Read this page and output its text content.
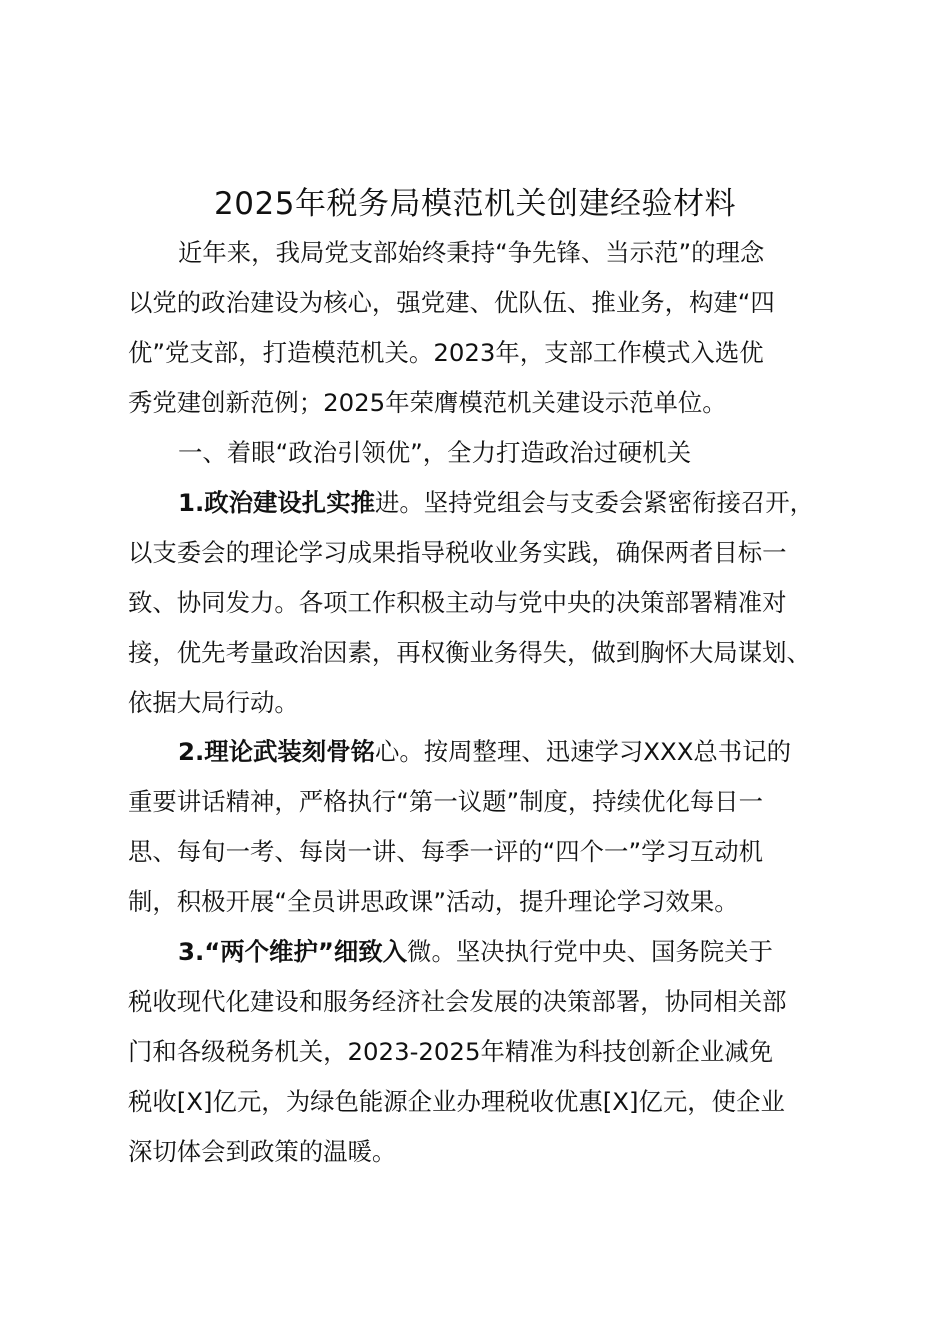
2025年税务局模范机关创建经验材料
近年来，我局党支部始终秉持“争先锋、当示范”的理念
以党的政治建设为核心，强党建、优队伍、推业务，构建“四
优”党支部，打造模范机关。2023年，支部工作模式入选优
秀党建创新范例；2025年荣膺模范机关建设示范单位。
一、着眼“政治引领优”，全力打造政治过硬机关
1.政治建设扎实推进。坚持党组会与支委会紧密衔接召开，
以支委会的理论学习成果指导税收业务实践，确保两者目标一
致、协同发力。各项工作积极主动与党中央的决策部署精准对
接，优先考量政治因素，再权衡业务得失，做到胸怀大局谋划、
依据大局行动。
2.理论武装刻骨铭心。按周整理、迅速学习XXX总书记的
重要讲话精神，严格执行“第一议题”制度，持续优化每日一
思、每旬一考、每岗一讲、每季一评的“四个一”学习互动机
制，积极开展“全员讲思政课”活动，提升理论学习效果。
3.“两个维护”细致入微。坚决执行党中央、国务院关于
税收现代化建设和服务经济社会发展的决策部署，协同相关部
门和各级税务机关，2023-2025年精准为科技创新企业减免
税收[X]亿元，为绿色能源企业办理税收优惠[X]亿元，使企业
深切体会到政策的温暖。
